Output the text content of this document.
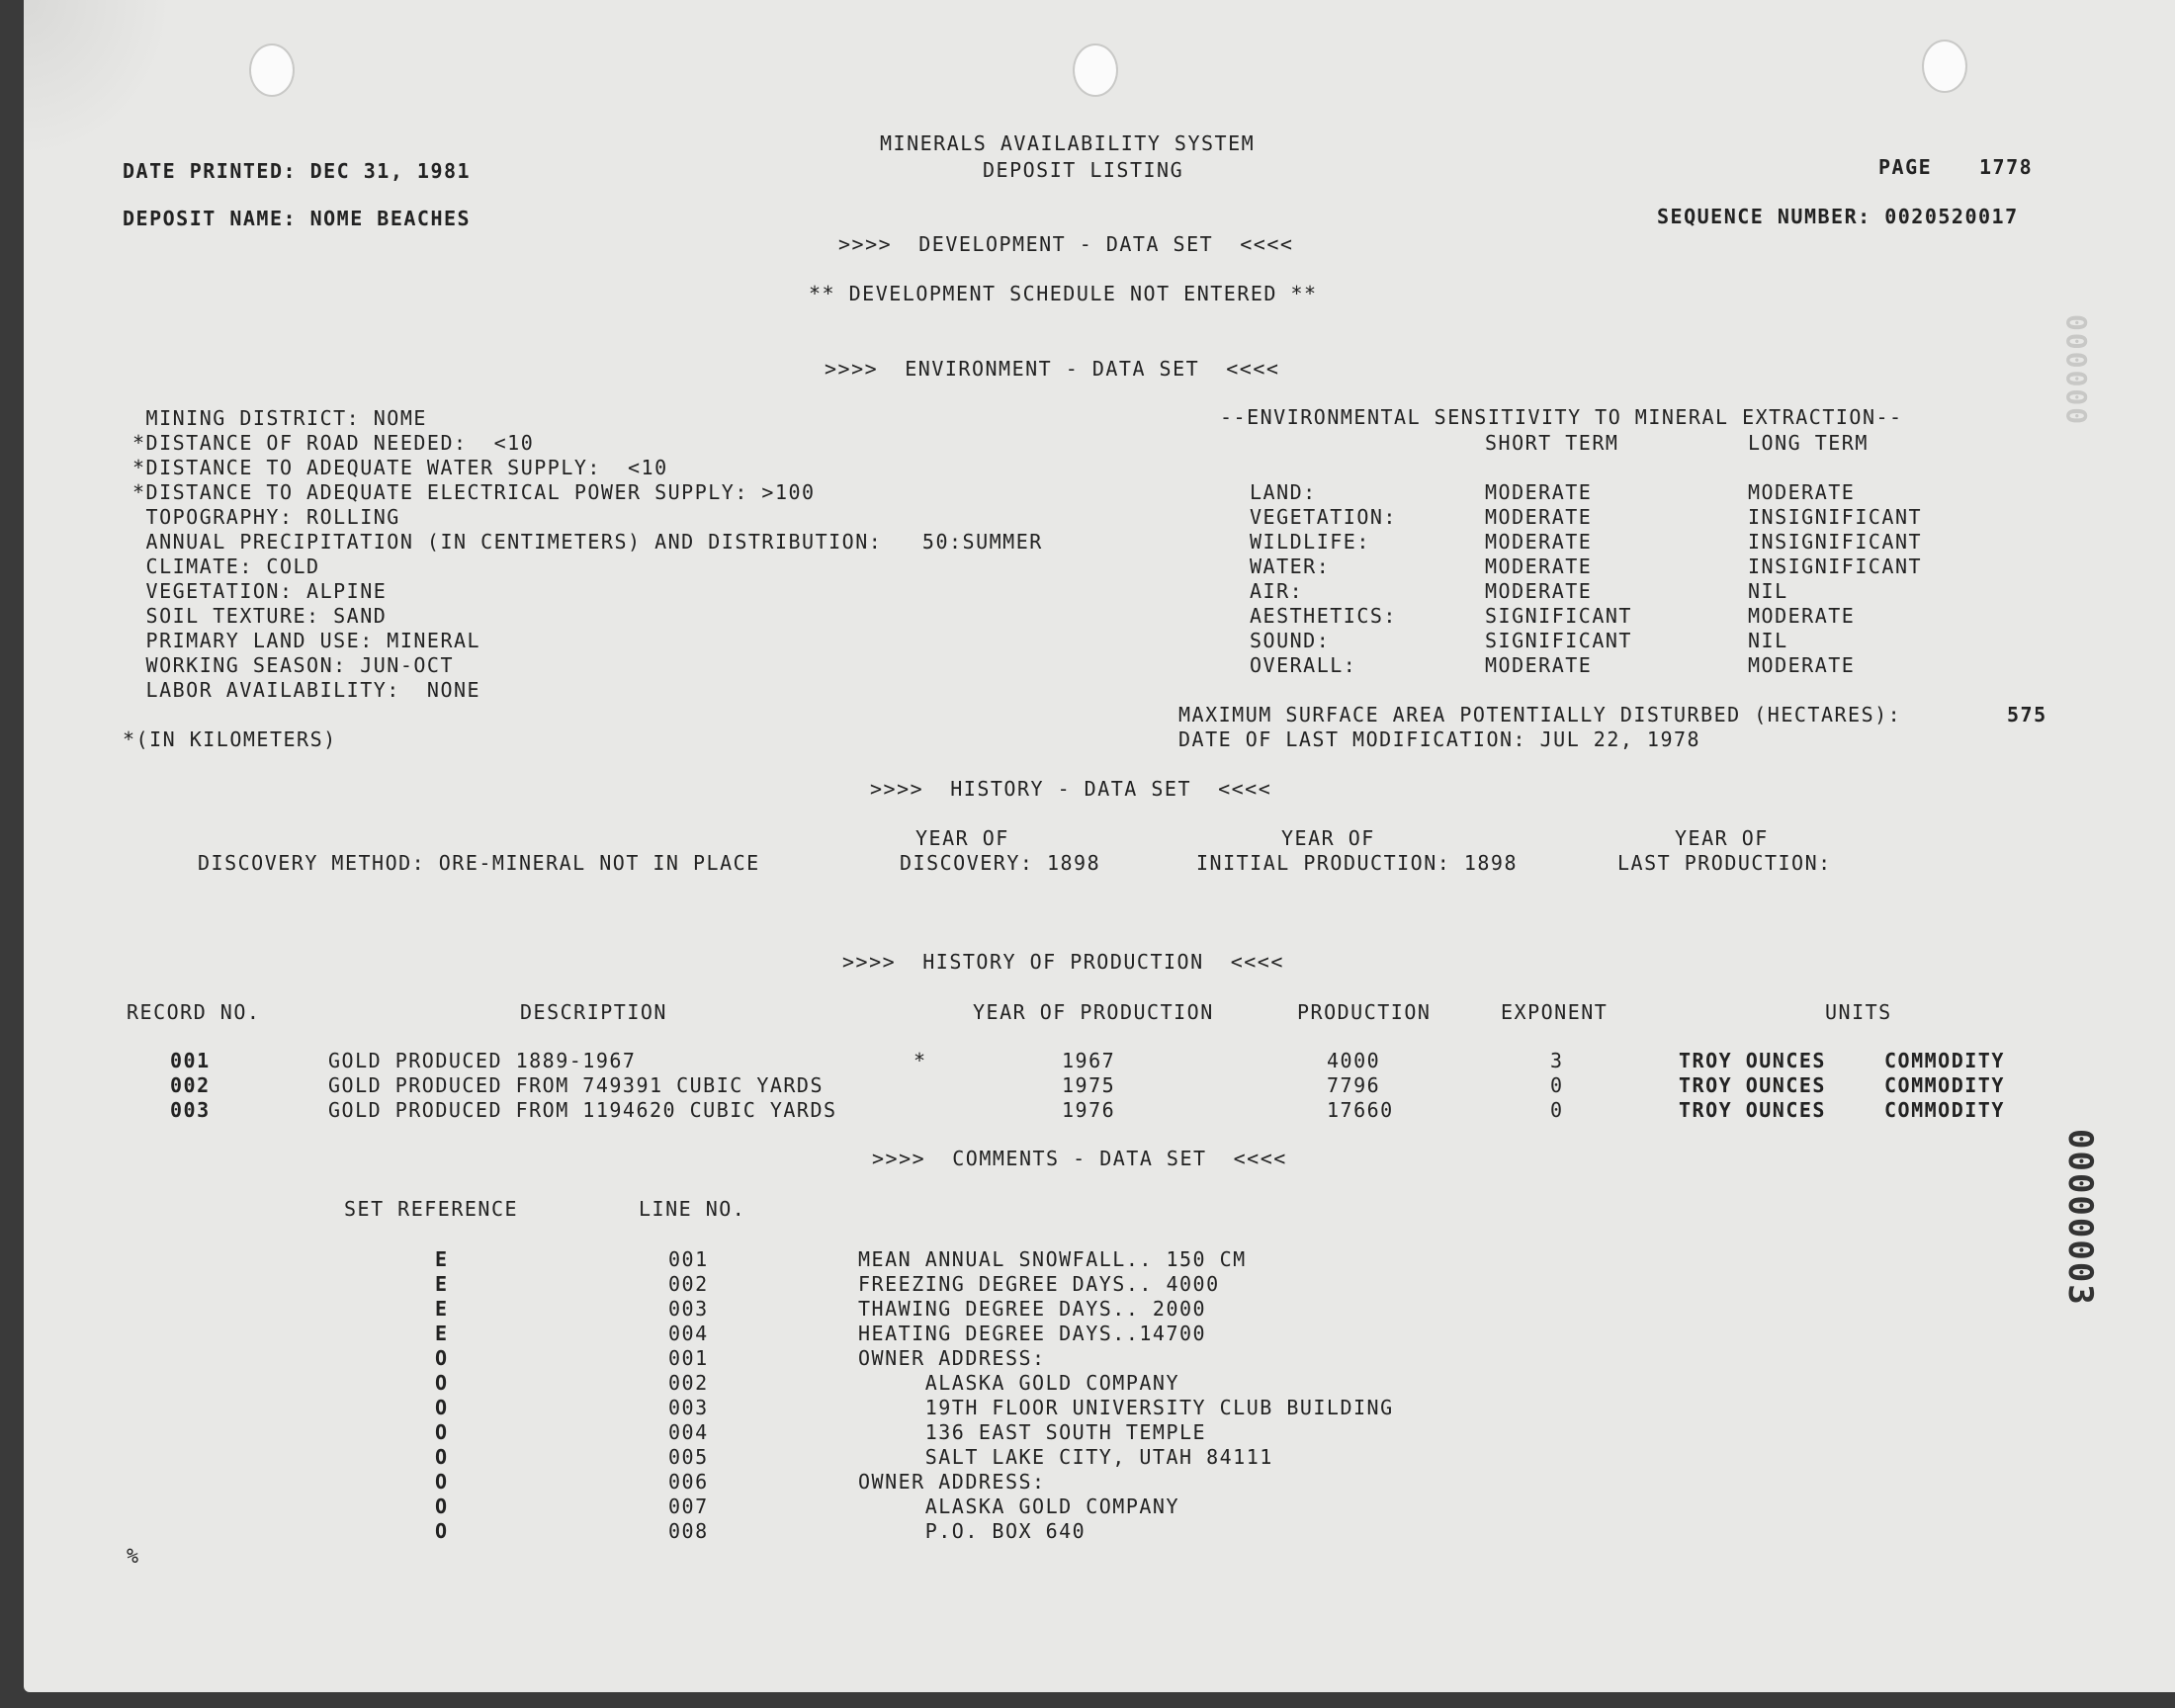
MINERALS AVAILABILITY SYSTEM
DEPOSIT LISTING
DATE PRINTED: DEC 31, 1981	PAGE 1778
DEPOSIT NAME: NOME BEACHES	SEQUENCE NUMBER: 0020520017
>>>>  DEVELOPMENT - DATA SET  <<<<
** DEVELOPMENT SCHEDULE NOT ENTERED **
>>>>  ENVIRONMENT - DATA SET  <<<<
MINING DISTRICT: NOME
*DISTANCE OF ROAD NEEDED:  <10
*DISTANCE TO ADEQUATE WATER SUPPLY:  <10
*DISTANCE TO ADEQUATE ELECTRICAL POWER SUPPLY: >100
TOPOGRAPHY: ROLLING
ANNUAL PRECIPITATION (IN CENTIMETERS) AND DISTRIBUTION:   50:SUMMER
CLIMATE: COLD
VEGETATION: ALPINE
SOIL TEXTURE: SAND
PRIMARY LAND USE: MINERAL
WORKING SEASON: JUN-OCT
LABOR AVAILABILITY:  NONE
*(IN KILOMETERS)
--ENVIRONMENTAL SENSITIVITY TO MINERAL EXTRACTION--
SHORT TERM	LONG TERM
LAND:	MODERATE	MODERATE
VEGETATION:	MODERATE	INSIGNIFICANT
WILDLIFE:	MODERATE	INSIGNIFICANT
WATER:	MODERATE	INSIGNIFICANT
AIR:	MODERATE	NIL
AESTHETICS:	SIGNIFICANT	MODERATE
SOUND:	SIGNIFICANT	NIL
OVERALL:	MODERATE	MODERATE
MAXIMUM SURFACE AREA POTENTIALLY DISTURBED (HECTARES):	575
DATE OF LAST MODIFICATION: JUL 22, 1978
>>>>  HISTORY - DATA SET  <<<<
YEAR OF	YEAR OF	YEAR OF
DISCOVERY METHOD: ORE-MINERAL NOT IN PLACE	DISCOVERY: 1898	INITIAL PRODUCTION: 1898	LAST PRODUCTION:
>>>>  HISTORY OF PRODUCTION  <<<<
RECORD NO.	DESCRIPTION	YEAR OF PRODUCTION	PRODUCTION	EXPONENT	UNITS
001	GOLD PRODUCED 1889-1967	*	1967	4000	3	TROY OUNCES	COMMODITY
002	GOLD PRODUCED FROM 749391 CUBIC YARDS	1975	7796	0	TROY OUNCES	COMMODITY
003	GOLD PRODUCED FROM 1194620 CUBIC YARDS	1976	17660	0	TROY OUNCES	COMMODITY
>>>>  COMMENTS - DATA SET  <<<<
SET REFERENCE	LINE NO.
E	001	MEAN ANNUAL SNOWFALL.. 150 CM
E	002	FREEZING DEGREE DAYS.. 4000
E	003	THAWING DEGREE DAYS.. 2000
E	004	HEATING DEGREE DAYS..14700
O	001	OWNER ADDRESS:
O	002	ALASKA GOLD COMPANY
O	003	19TH FLOOR UNIVERSITY CLUB BUILDING
O	004	136 EAST SOUTH TEMPLE
O	005	SALT LAKE CITY, UTAH 84111
O	006	OWNER ADDRESS:
O	007	ALASKA GOLD COMPANY
O	008	P.O. BOX 640
%
000000
00000003
